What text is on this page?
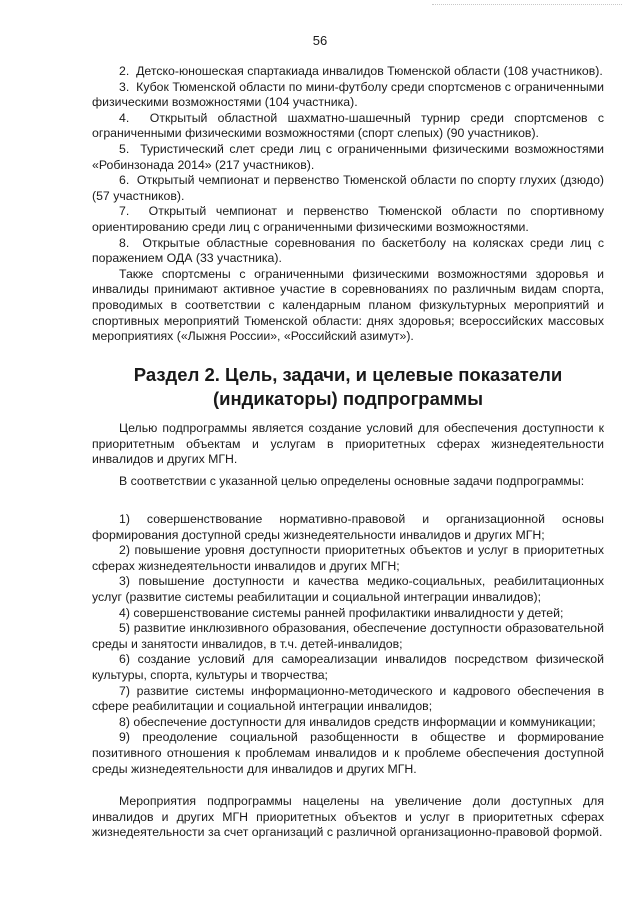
56

2.  Детско-юношеская спартакиада инвалидов Тюменской области (108 участников).

3.  Кубок Тюменской области по мини-футболу среди спортсменов с ограниченными физическими возможностями (104 участника).

4.  Открытый областной шахматно-шашечный турнир среди спортсменов с ограниченными физическими возможностями (спорт слепых) (90 участников).

5.  Туристический слет среди лиц с ограниченными физическими возможностями «Робинзонада 2014» (217 участников).

6.  Открытый чемпионат и первенство Тюменской области по спорту глухих (дзюдо) (57 участников).

7.  Открытый чемпионат и первенство Тюменской области по спортивному ориентированию среди лиц с ограниченными физическими возможностями.

8.  Открытые областные соревнования по баскетболу на колясках среди лиц с поражением ОДА (33 участника).

Также спортсмены с ограниченными физическими возможностями здоровья и инвалиды принимают активное участие в соревнованиях по различным видам спорта, проводимых в соответствии с календарным планом физкультурных мероприятий и спортивных мероприятий Тюменской области: днях здоровья; всероссийских массовых мероприятиях («Лыжня России», «Российский азимут»).

Раздел 2. Цель, задачи, и целевые показатели
(индикаторы) подпрограммы

Целью подпрограммы является создание условий для обеспечения доступности к приоритетным объектам и услугам в приоритетных сферах жизнедеятельности инвалидов и других МГН.

В соответствии с указанной целью определены основные задачи подпрограммы:

1) совершенствование нормативно-правовой и организационной основы формирования доступной среды жизнедеятельности инвалидов и других МГН;

2) повышение уровня доступности приоритетных объектов и услуг в приоритетных сферах жизнедеятельности инвалидов и других МГН;

3) повышение доступности и качества медико-социальных, реабилитационных услуг (развитие системы реабилитации и социальной интеграции инвалидов);

4) совершенствование системы ранней профилактики инвалидности у детей;

5) развитие инклюзивного образования, обеспечение доступности образовательной среды и занятости инвалидов, в т.ч. детей-инвалидов;

6) создание условий для самореализации инвалидов посредством физической культуры, спорта, культуры и творчества;

7) развитие системы информационно-методического и кадрового обеспечения в сфере реабилитации и социальной интеграции инвалидов;

8) обеспечение доступности для инвалидов средств информации и коммуникации;

9) преодоление социальной разобщенности в обществе и формирование позитивного отношения к проблемам инвалидов и к проблеме обеспечения доступной среды жизнедеятельности для инвалидов и других МГН.

Мероприятия подпрограммы нацелены на увеличение доли доступных для инвалидов и других МГН приоритетных объектов и услуг в приоритетных сферах жизнедеятельности за счет организаций с различной организационно-правовой формой.
